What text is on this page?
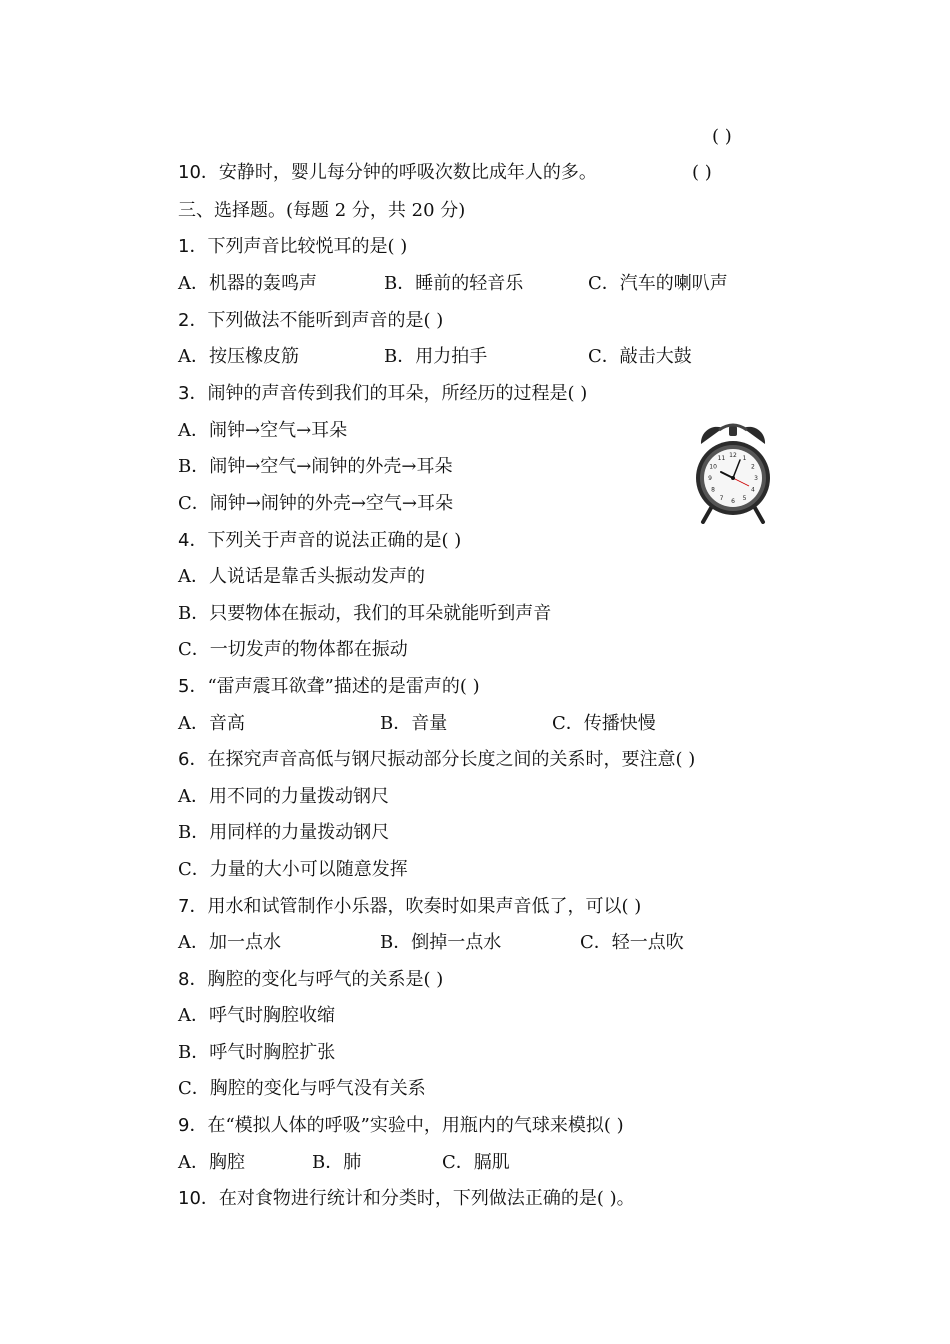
( )
10．安静时，婴儿每分钟的呼吸次数比成年人的多。	( )
三、选择题。(每题 2 分，共 20 分)
1．下列声音比较悦耳的是( )
A．机器的轰鸣声	B．睡前的轻音乐	C．汽车的喇叭声
2．下列做法不能听到声音的是( )
A．按压橡皮筋	B．用力拍手	C．敲击大鼓
3．闹钟的声音传到我们的耳朵，所经历的过程是( )
A．闹钟→空气→耳朵
B．闹钟→空气→闹钟的外壳→耳朵
C．闹钟→闹钟的外壳→空气→耳朵
12 1
2
3
4
5
6
7
8
9
10
11
4．下列关于声音的说法正确的是( )
A．人说话是靠舌头振动发声的
B．只要物体在振动，我们的耳朵就能听到声音
C．一切发声的物体都在振动
5．“雷声震耳欲聋”描述的是雷声的( )
A．音高	B．音量	C．传播快慢
6．在探究声音高低与钢尺振动部分长度之间的关系时，要注意( )
A．用不同的力量拨动钢尺
B．用同样的力量拨动钢尺
C．力量的大小可以随意发挥
7．用水和试管制作小乐器，吹奏时如果声音低了，可以( )
A．加一点水	B．倒掉一点水	C．轻一点吹
8．胸腔的变化与呼气的关系是( )
A．呼气时胸腔收缩
B．呼气时胸腔扩张
C．胸腔的变化与呼气没有关系
9．在“模拟人体的呼吸”实验中，用瓶内的气球来模拟( )
A．胸腔	B．肺	C．膈肌
10．在对食物进行统计和分类时，下列做法正确的是( )。
